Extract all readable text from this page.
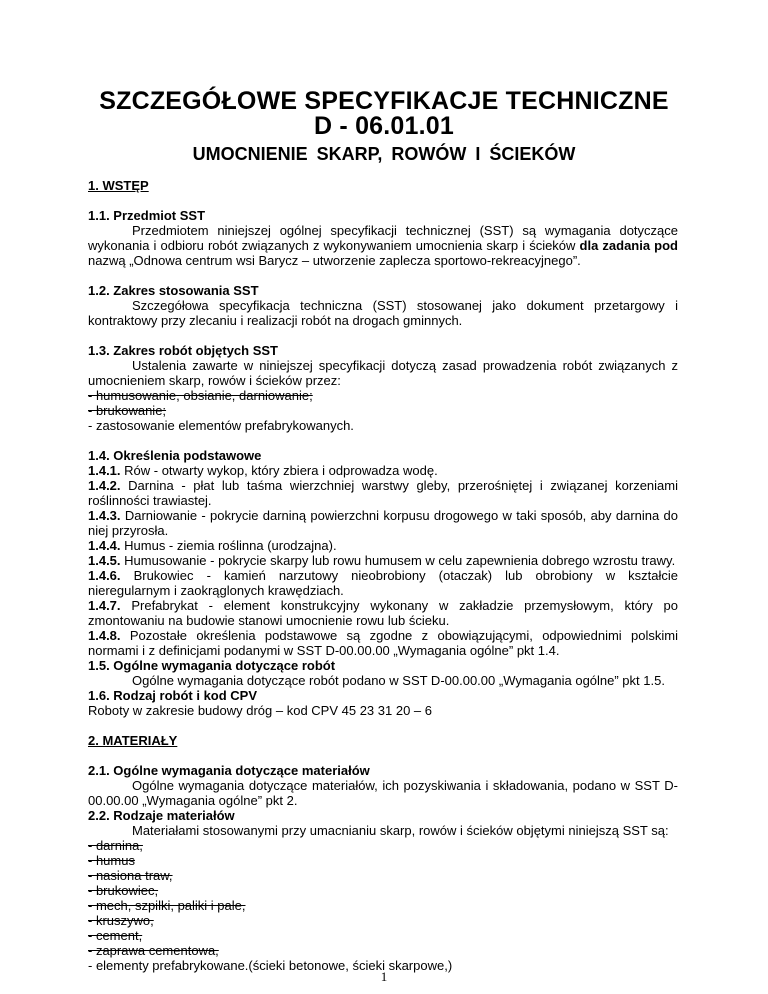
SZCZEGÓŁOWE SPECYFIKACJE TECHNICZNE
D - 06.01.01
UMOCNIENIE SKARP, ROWÓW I ŚCIEKÓW

1. WSTĘP

1.1. Przedmiot SST

Przedmiotem niniejszej ogólnej specyfikacji technicznej (SST) są wymagania dotyczące wykonania i odbioru robót związanych z wykonywaniem umocnienia skarp i ścieków dla zadania pod nazwą „Odnowa centrum wsi Barycz – utworzenie zaplecza sportowo-rekreacyjnego”.

1.2. Zakres stosowania SST

Szczegółowa specyfikacja techniczna (SST) stosowanej jako dokument przetargowy i kontraktowy przy zlecaniu i realizacji robót na drogach gminnych.

1.3. Zakres robót objętych SST

Ustalenia zawarte w niniejszej specyfikacji dotyczą zasad prowadzenia robót związanych z umocnieniem skarp, rowów i ścieków przez:

- humusowanie, obsianie, darniowanie;

- brukowanie;

- zastosowanie elementów prefabrykowanych.

1.4. Określenia podstawowe

1.4.1. Rów - otwarty wykop, który zbiera i odprowadza wodę.

1.4.2. Darnina - płat lub taśma wierzchniej warstwy gleby, przerośniętej i związanej korzeniami roślinności trawiastej.

1.4.3. Darniowanie - pokrycie darniną powierzchni korpusu drogowego w taki sposób, aby darnina do niej przyrosła.

1.4.4. Humus - ziemia roślinna (urodzajna).

1.4.5. Humusowanie - pokrycie skarpy lub rowu humusem w celu zapewnienia dobrego wzrostu trawy.

1.4.6. Brukowiec - kamień narzutowy nieobrobiony (otaczak) lub obrobiony w kształcie

nieregularnym i zaokrąglonych krawędziach.

1.4.7. Prefabrykat - element konstrukcyjny wykonany w zakładzie przemysłowym, który po zmontowaniu na budowie stanowi umocnienie rowu lub ścieku.

1.4.8. Pozostałe określenia podstawowe są zgodne z obowiązującymi, odpowiednimi polskimi normami i z definicjami podanymi w SST D-00.00.00 „Wymagania ogólne” pkt 1.4.

1.5. Ogólne wymagania dotyczące robót

Ogólne wymagania dotyczące robót podano w SST D-00.00.00 „Wymagania ogólne” pkt 1.5.

1.6. Rodzaj robót i kod CPV

Roboty w zakresie budowy dróg – kod CPV 45 23 31 20 – 6

2. MATERIAŁY

2.1. Ogólne wymagania dotyczące materiałów

Ogólne wymagania dotyczące materiałów, ich pozyskiwania i składowania, podano w SST D-00.00.00 „Wymagania ogólne” pkt 2.

2.2. Rodzaje materiałów

Materiałami stosowanymi przy umacnianiu skarp, rowów i ścieków objętymi niniejszą SST są:

- darnina,

- humus

- nasiona traw,

- brukowiec,

- mech, szpilki, paliki i pale,

- kruszywo,

- cement,

- zaprawa cementowa,

- elementy prefabrykowane.(ścieki betonowe, ścieki skarpowe,)

1
